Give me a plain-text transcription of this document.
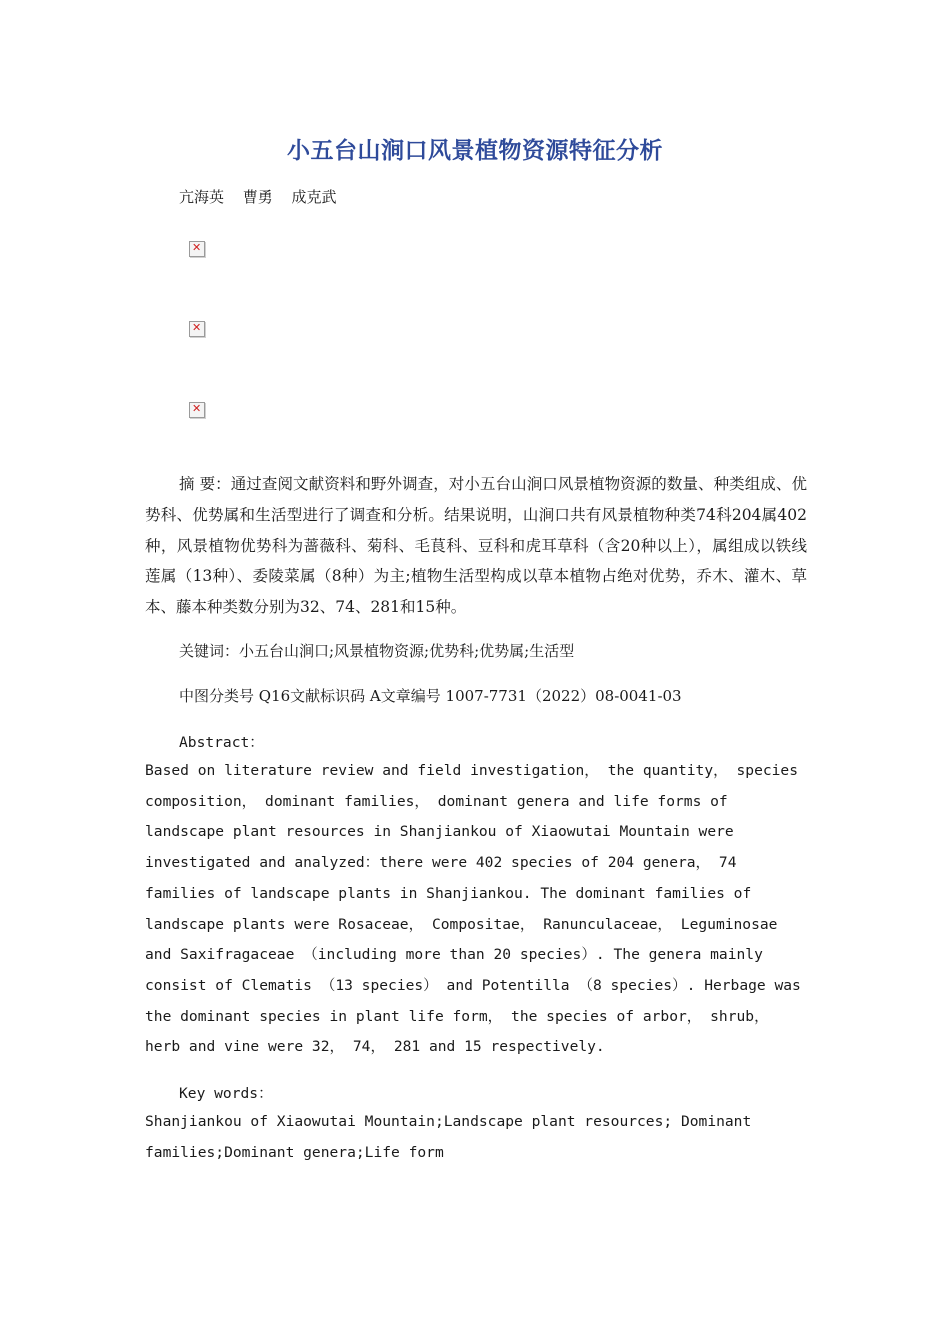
小五台山涧口风景植物资源特征分析
亢海英 曹勇 成克武
✕
✕
✕

摘 要：通过查阅文献资料和野外调查，对小五台山涧口风景植物资源的数量、种类组成、优势科、优势属和生活型进行了调查和分析。结果说明，山涧口共有风景植物种类74科204属402种，风景植物优势科为蔷薇科、菊科、毛茛科、豆科和虎耳草科（含20种以上），属组成以铁线莲属（13种）、委陵菜属（8种）为主;植物生活型构成以草本植物占绝对优势，乔木、灌木、草本、藤本种类数分别为32、74、281和15种。

关键词：小五台山涧口;风景植物资源;优势科;优势属;生活型
中图分类号 Q16文献标识码 A文章编号 1007-7731（2022）08-0041-03
Abstract：

Based on literature review and field investigation， the quantity， species composition， dominant families， dominant genera and life forms of landscape plant resources in Shanjiankou of Xiaowutai Mountain were investigated and analyzed：there were 402 species of 204 genera， 74 families of landscape plants in Shanjiankou. The dominant families of landscape plants were Rosaceae， Compositae， Ranunculaceae， Leguminosae and Saxifragaceae （including more than 20 species）. The genera mainly consist of Clematis （13 species） and Potentilla （8 species）. Herbage was the dominant species in plant life form， the species of arbor， shrub， herb and vine were 32， 74， 281 and 15 respectively.

Key words：

Shanjiankou of Xiaowutai Mountain;Landscape plant resources; Dominant families;Dominant genera;Life form
